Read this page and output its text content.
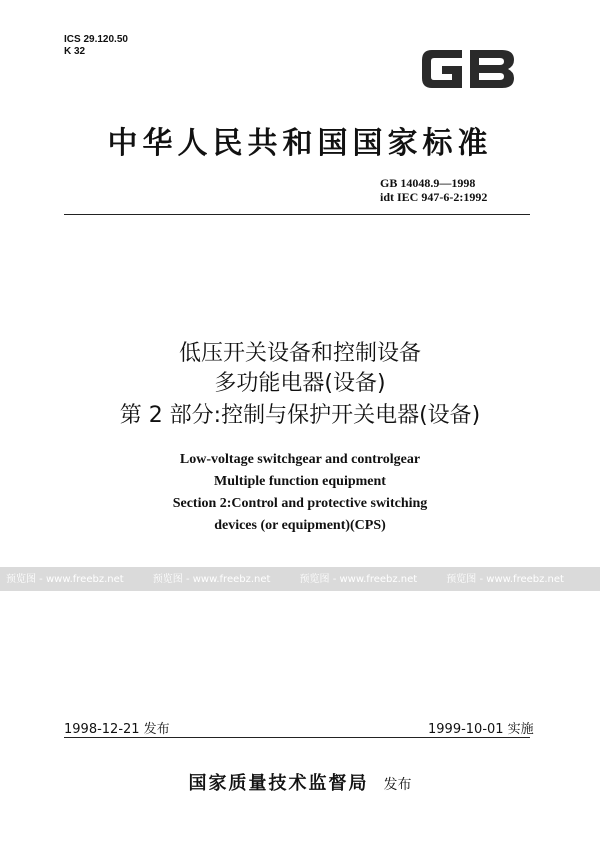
ICS 29.120.50
K 32
GB
中华人民共和国国家标准
GB 14048.9—1998
idt IEC 947-6-2:1992
低压开关设备和控制设备
多功能电器(设备)
第 2 部分:控制与保护开关电器(设备)
Low-voltage switchgear and controlgear
Multiple function equipment
Section 2:Control and protective switching
devices (or equipment)(CPS)
预览图 - www.freebz.net	预览图 - www.freebz.net	预览图 - www.freebz.net	预览图 - www.freebz.net
1998-12-21 发布	1999-10-01 实施
国家质量技术监督局 发布
